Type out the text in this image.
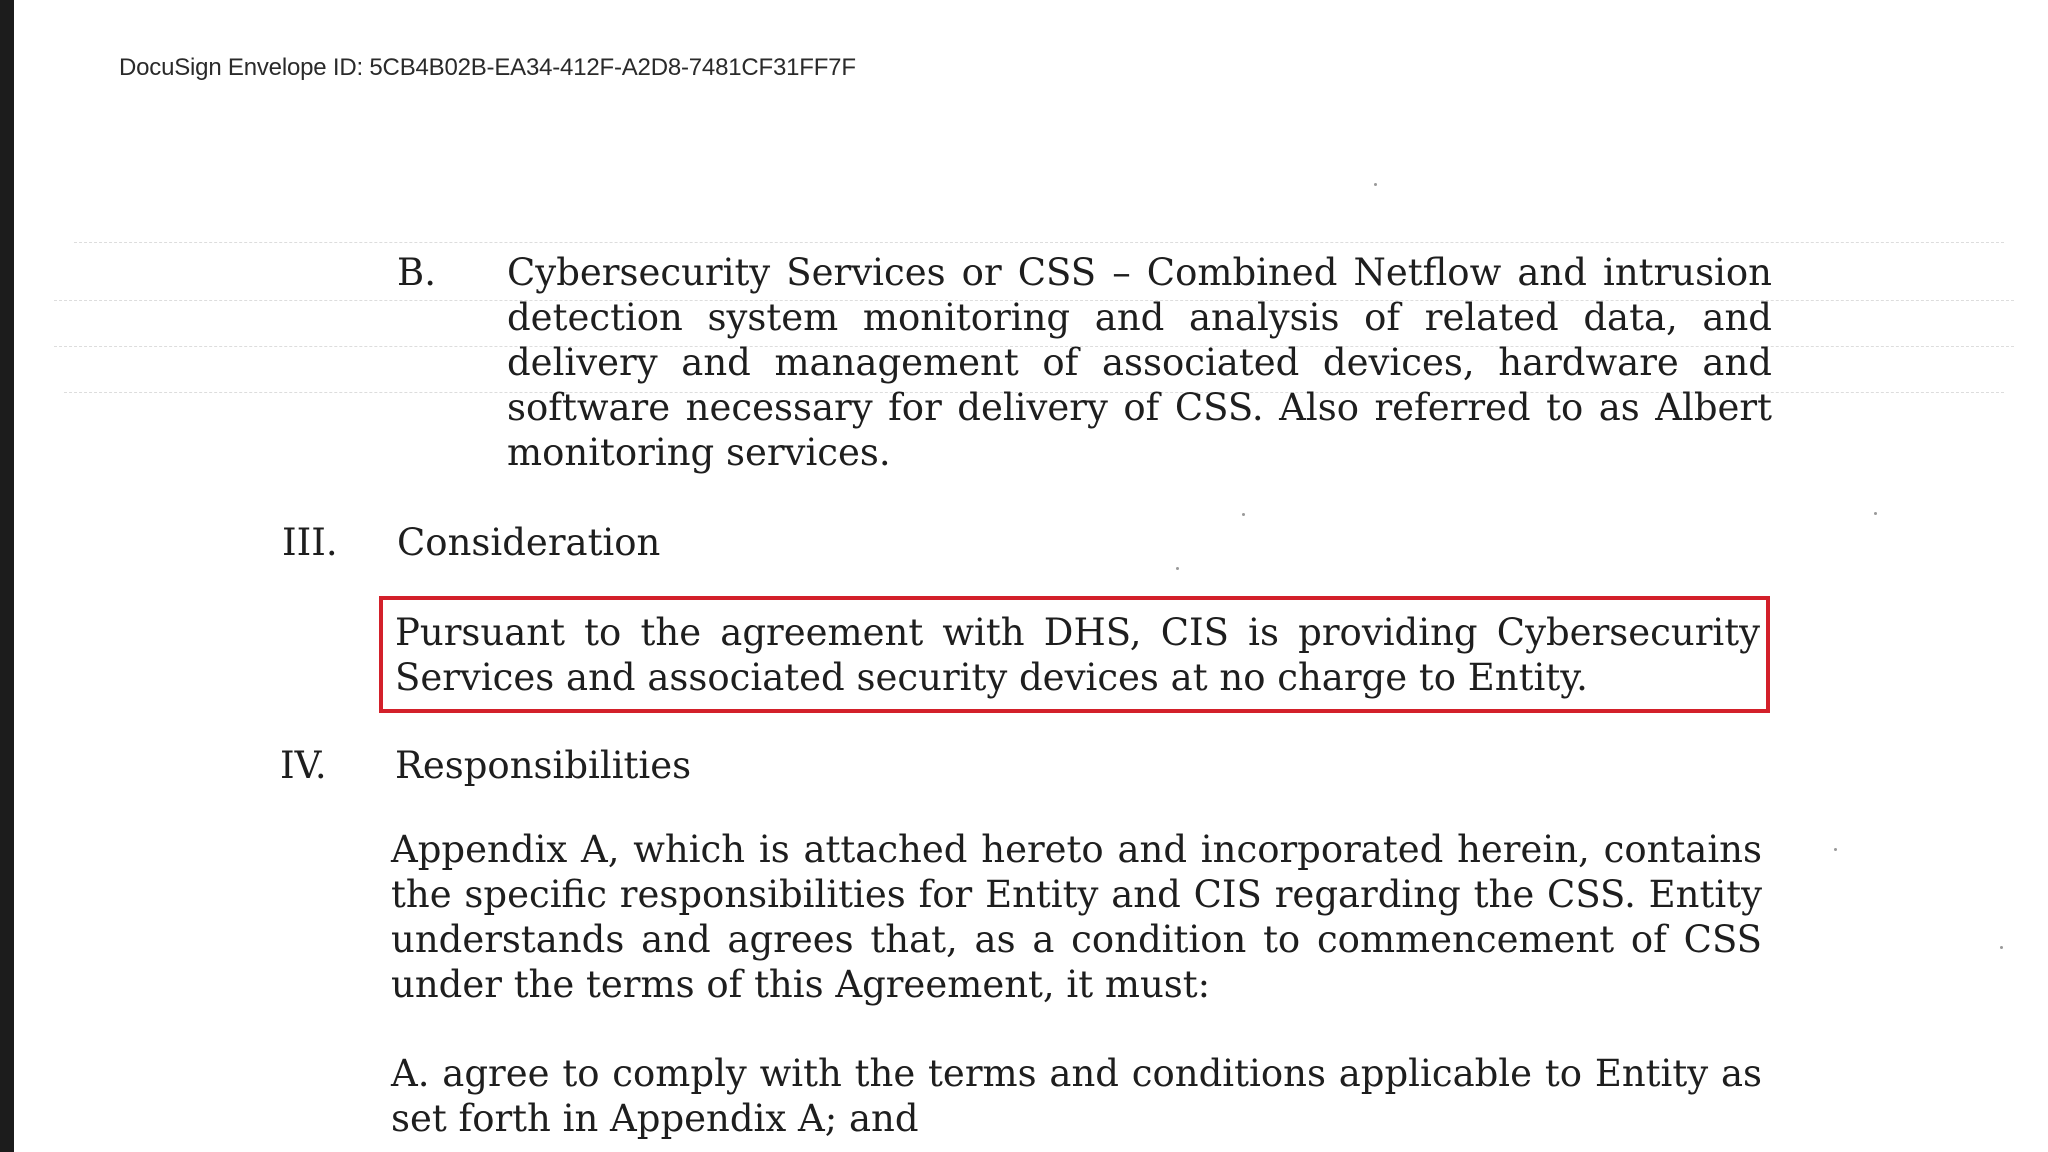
DocuSign Envelope ID: 5CB4B02B-EA34-412F-A2D8-7481CF31FF7F
B. Cybersecurity Services or CSS – Combined Netflow and intrusion detection system monitoring and analysis of related data, and delivery and management of associated devices, hardware and software necessary for delivery of CSS. Also referred to as Albert monitoring services.
III. Consideration
Pursuant to the agreement with DHS, CIS is providing Cybersecurity Services and associated security devices at no charge to Entity.
IV. Responsibilities
Appendix A, which is attached hereto and incorporated herein, contains the specific responsibilities for Entity and CIS regarding the CSS. Entity understands and agrees that, as a condition to commencement of CSS under the terms of this Agreement, it must:
A. agree to comply with the terms and conditions applicable to Entity as set forth in Appendix A; and
